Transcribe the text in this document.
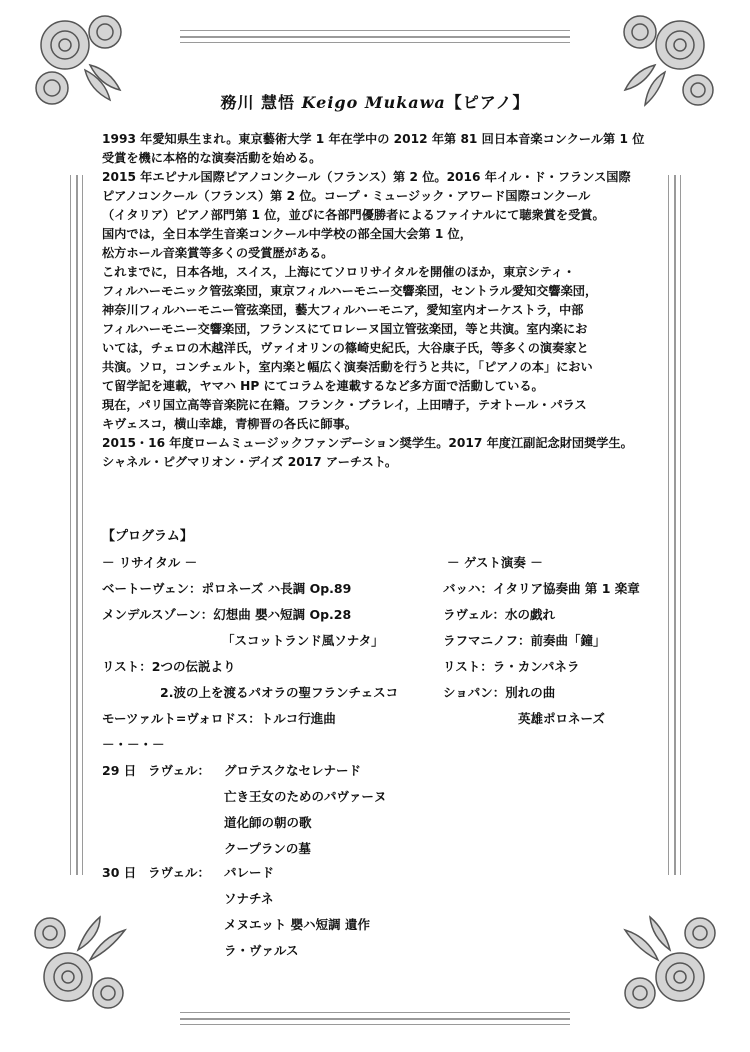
務川 慧悟 Keigo Mukawa【ピアノ】

1993 年愛知県生まれ。東京藝術大学 1 年在学中の 2012 年第 81 回日本音楽コンクール第 1 位

受賞を機に本格的な演奏活動を始める。

2015 年エピナル国際ピアノコンクール（フランス）第 2 位。2016 年イル・ド・フランス国際

ピアノコンクール（フランス）第 2 位。コープ・ミュージック・アワード国際コンクール

（イタリア）ピアノ部門第 1 位，並びに各部門優勝者によるファイナルにて聴衆賞を受賞。

国内では，全日本学生音楽コンクール中学校の部全国大会第 1 位，

松方ホール音楽賞等多くの受賞歴がある。

これまでに，日本各地，スイス，上海にてソロリサイタルを開催のほか，東京シティ・

フィルハーモニック管弦楽団，東京フィルハーモニー交響楽団，セントラル愛知交響楽団，

神奈川フィルハーモニー管弦楽団，藝大フィルハーモニア，愛知室内オーケストラ，中部

フィルハーモニー交響楽団，フランスにてロレーヌ国立管弦楽団，等と共演。室内楽にお

いては，チェロの木越洋氏，ヴァイオリンの篠崎史紀氏，大谷康子氏，等多くの演奏家と

共演。ソロ，コンチェルト，室内楽と幅広く演奏活動を行うと共に，「ピアノの本」におい

て留学記を連載，ヤマハ HP にてコラムを連載するなど多方面で活動している。

現在，パリ国立高等音楽院に在籍。フランク・ブラレイ，上田晴子，テオトール・パラス

キヴェスコ，横山幸雄，青柳晋の各氏に師事。

2015・16 年度ロームミュージックファンデーション奨学生。2017 年度江副記念財団奨学生。

シャネル・ピグマリオン・デイズ 2017 アーチスト。

【プログラム】
－ リサイタル －
ベートーヴェン：ポロネーズ ハ長調 Op.89
メンデルスゾーン：幻想曲 嬰ハ短調 Op.28
「スコットランド風ソナタ」
リスト：2つの伝説より
2.波の上を渡るパオラの聖フランチェスコ
モーツァルト=ヴォロドス：トルコ行進曲
－・－・－
－ ゲスト演奏 －
バッハ：イタリア協奏曲 第 1 楽章
ラヴェル：水の戯れ
ラフマニノフ：前奏曲「鐘」
リスト：ラ・カンパネラ
ショパン：別れの曲
英雄ポロネーズ
29 日 ラヴェル： グロテスクなセレナード
亡き王女のためのパヴァーヌ
道化師の朝の歌
クープランの墓
30 日 ラヴェル： パレード
ソナチネ
メヌエット 嬰ハ短調 遺作
ラ・ヴァルス
